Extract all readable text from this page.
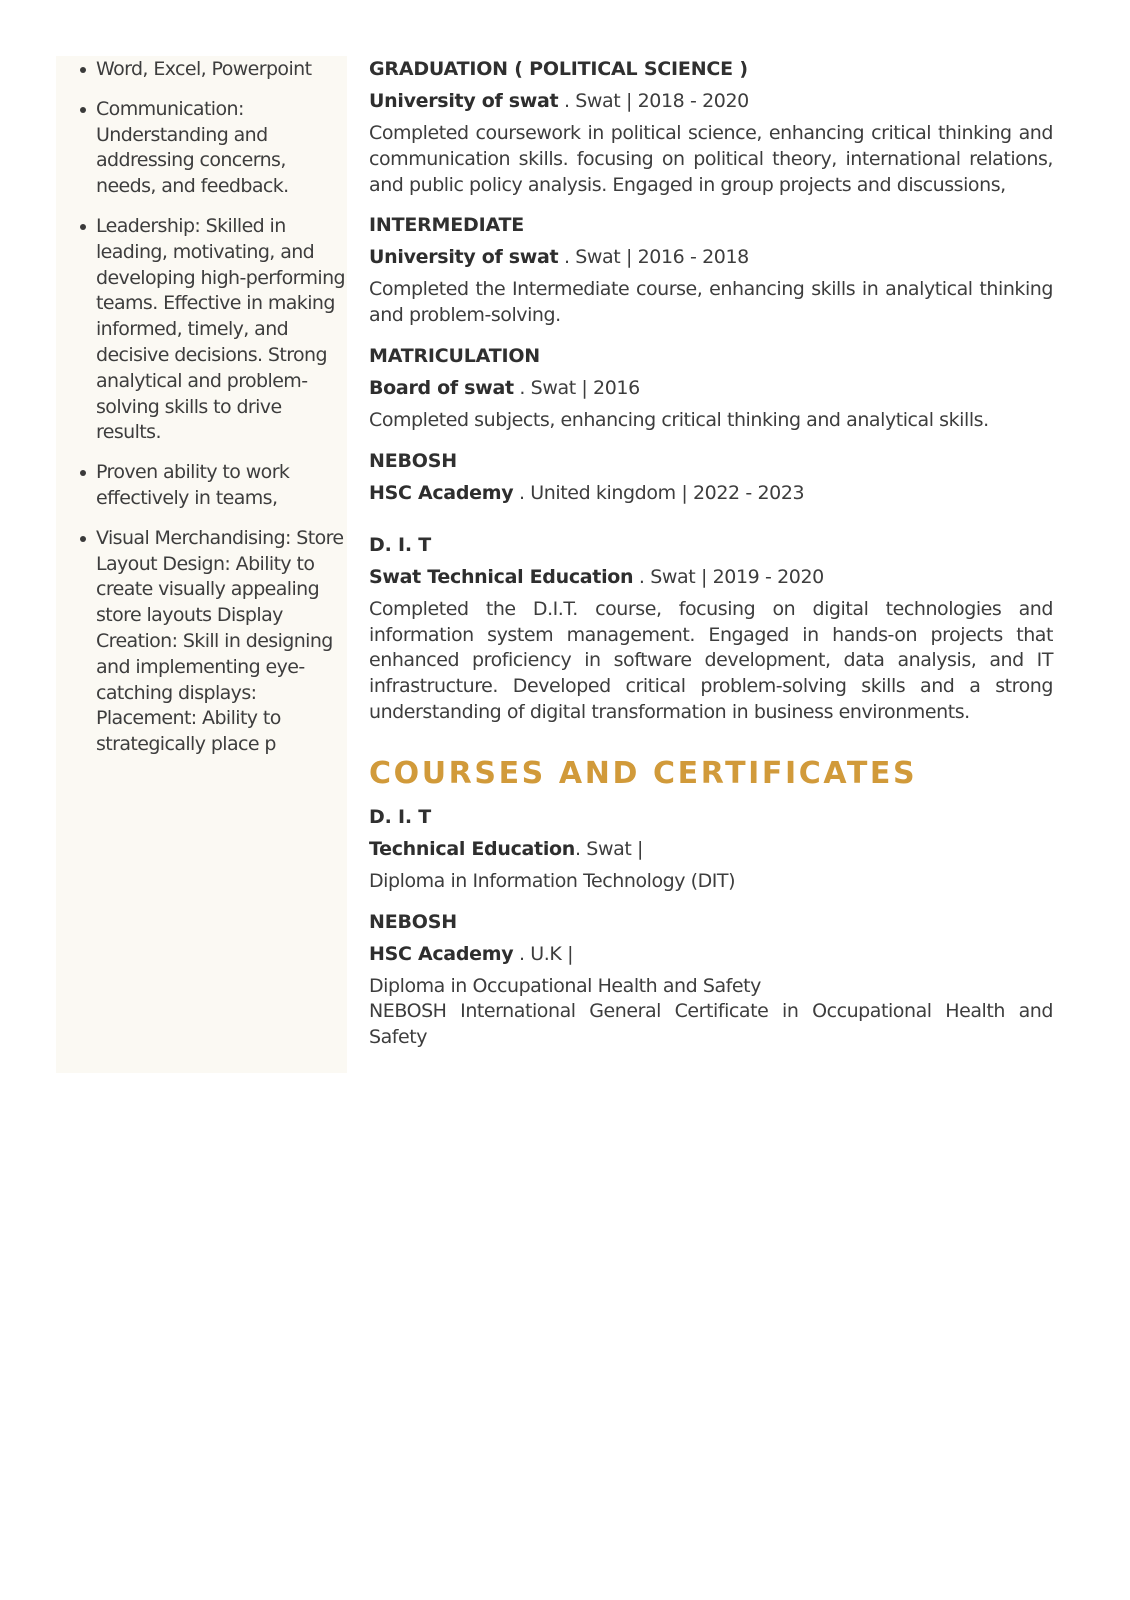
Word, Excel, Powerpoint
Communication: Understanding and addressing concerns, needs, and feedback.
Leadership: Skilled in leading, motivating, and developing high-performing teams. Effective in making informed, timely, and decisive decisions. Strong analytical and problem-solving skills to drive results.
Proven ability to work effectively in teams,
Visual Merchandising: Store Layout Design: Ability to create visually appealing store layouts Display Creation: Skill in designing and implementing eye-catching displays: Placement: Ability to strategically place p
GRADUATION ( POLITICAL SCIENCE )
University of swat . Swat | 2018 - 2020
Completed coursework in political science, enhancing critical thinking and communication skills. focusing on political theory, international relations, and public policy analysis. Engaged in group projects and discussions,
INTERMEDIATE
University of swat . Swat | 2016 - 2018
Completed the Intermediate course, enhancing skills in analytical thinking and problem-solving.
MATRICULATION
Board of swat . Swat | 2016
Completed subjects, enhancing critical thinking and analytical skills.
NEBOSH
HSC Academy . United kingdom | 2022 - 2023
D. I. T
Swat Technical Education . Swat | 2019 - 2020
Completed the D.I.T. course, focusing on digital technologies and information system management. Engaged in hands-on projects that enhanced proficiency in software development, data analysis, and IT infrastructure. Developed critical problem-solving skills and a strong understanding of digital transformation in business environments.
COURSES AND CERTIFICATES
D. I. T
Technical Education. Swat |
Diploma in Information Technology (DIT)
NEBOSH
HSC Academy . U.K |
Diploma in Occupational Health and Safety
NEBOSH International General Certificate in Occupational Health and Safety
